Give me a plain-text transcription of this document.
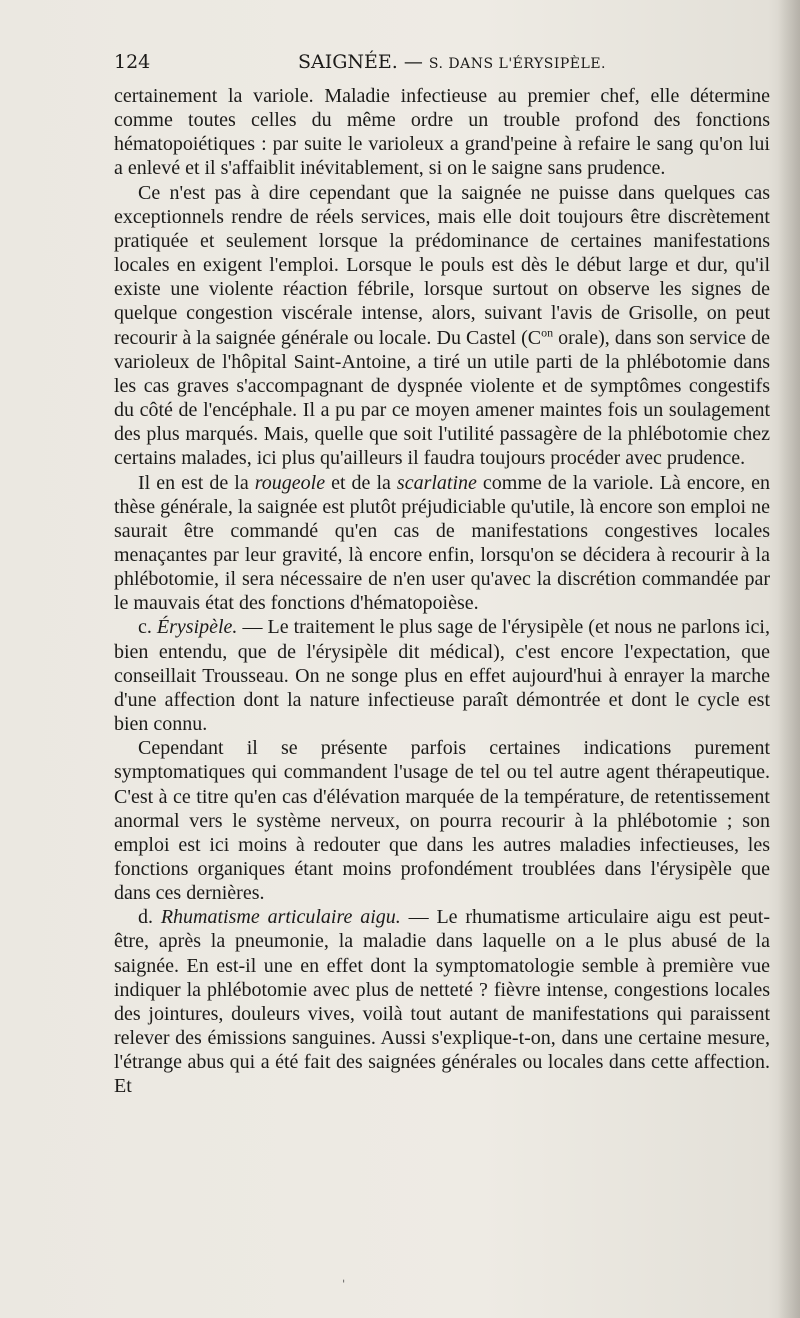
124	SAIGNÉE. — S. DANS L'ÉRYSIPÈLE.

certainement la variole. Maladie infectieuse au premier chef, elle détermine comme toutes celles du même ordre un trouble profond des fonctions hématopoiétiques : par suite le varioleux a grand'peine à refaire le sang qu'on lui a enlevé et il s'affaiblit inévitablement, si on le saigne sans prudence.

Ce n'est pas à dire cependant que la saignée ne puisse dans quelques cas exceptionnels rendre de réels services, mais elle doit toujours être discrètement pratiquée et seulement lorsque la prédominance de certaines manifestations locales en exigent l'emploi. Lorsque le pouls est dès le début large et dur, qu'il existe une violente réaction fébrile, lorsque surtout on observe les signes de quelque congestion viscérale intense, alors, suivant l'avis de Grisolle, on peut recourir à la saignée générale ou locale. Du Castel ($C^{on}$ orale), dans son service de varioleux de l'hôpital Saint-Antoine, a tiré un utile parti de la phlébotomie dans les cas graves s'accompagnant de dyspnée violente et de symptômes congestifs du côté de l'encéphale. Il a pu par ce moyen amener maintes fois un soulagement des plus marqués. Mais, quelle que soit l'utilité passagère de la phlébotomie chez certains malades, ici plus qu'ailleurs il faudra toujours procéder avec prudence.

Il en est de la rougeole et de la scarlatine comme de la variole. Là encore, en thèse générale, la saignée est plutôt préjudiciable qu'utile, là encore son emploi ne saurait être commandé qu'en cas de manifestations congestives locales menaçantes par leur gravité, là encore enfin, lorsqu'on se décidera à recourir à la phlébotomie, il sera nécessaire de n'en user qu'avec la discrétion commandée par le mauvais état des fonctions d'hématopoièse.

c. Érysipèle. — Le traitement le plus sage de l'érysipèle (et nous ne parlons ici, bien entendu, que de l'érysipèle dit médical), c'est encore l'expectation, que conseillait Trousseau. On ne songe plus en effet aujourd'hui à enrayer la marche d'une affection dont la nature infectieuse paraît démontrée et dont le cycle est bien connu.

Cependant il se présente parfois certaines indications purement symptomatiques qui commandent l'usage de tel ou tel autre agent thérapeutique. C'est à ce titre qu'en cas d'élévation marquée de la température, de retentissement anormal vers le système nerveux, on pourra recourir à la phlébotomie ; son emploi est ici moins à redouter que dans les autres maladies infectieuses, les fonctions organiques étant moins profondément troublées dans l'érysipèle que dans ces dernières.

d. Rhumatisme articulaire aigu. — Le rhumatisme articulaire aigu est peut-être, après la pneumonie, la maladie dans laquelle on a le plus abusé de la saignée. En est-il une en effet dont la symptomatologie semble à première vue indiquer la phlébotomie avec plus de netteté ? fièvre intense, congestions locales des jointures, douleurs vives, voilà tout autant de manifestations qui paraissent relever des émissions sanguines. Aussi s'explique-t-on, dans une certaine mesure, l'étrange abus qui a été fait des saignées générales ou locales dans cette affection. Et

ˌ
